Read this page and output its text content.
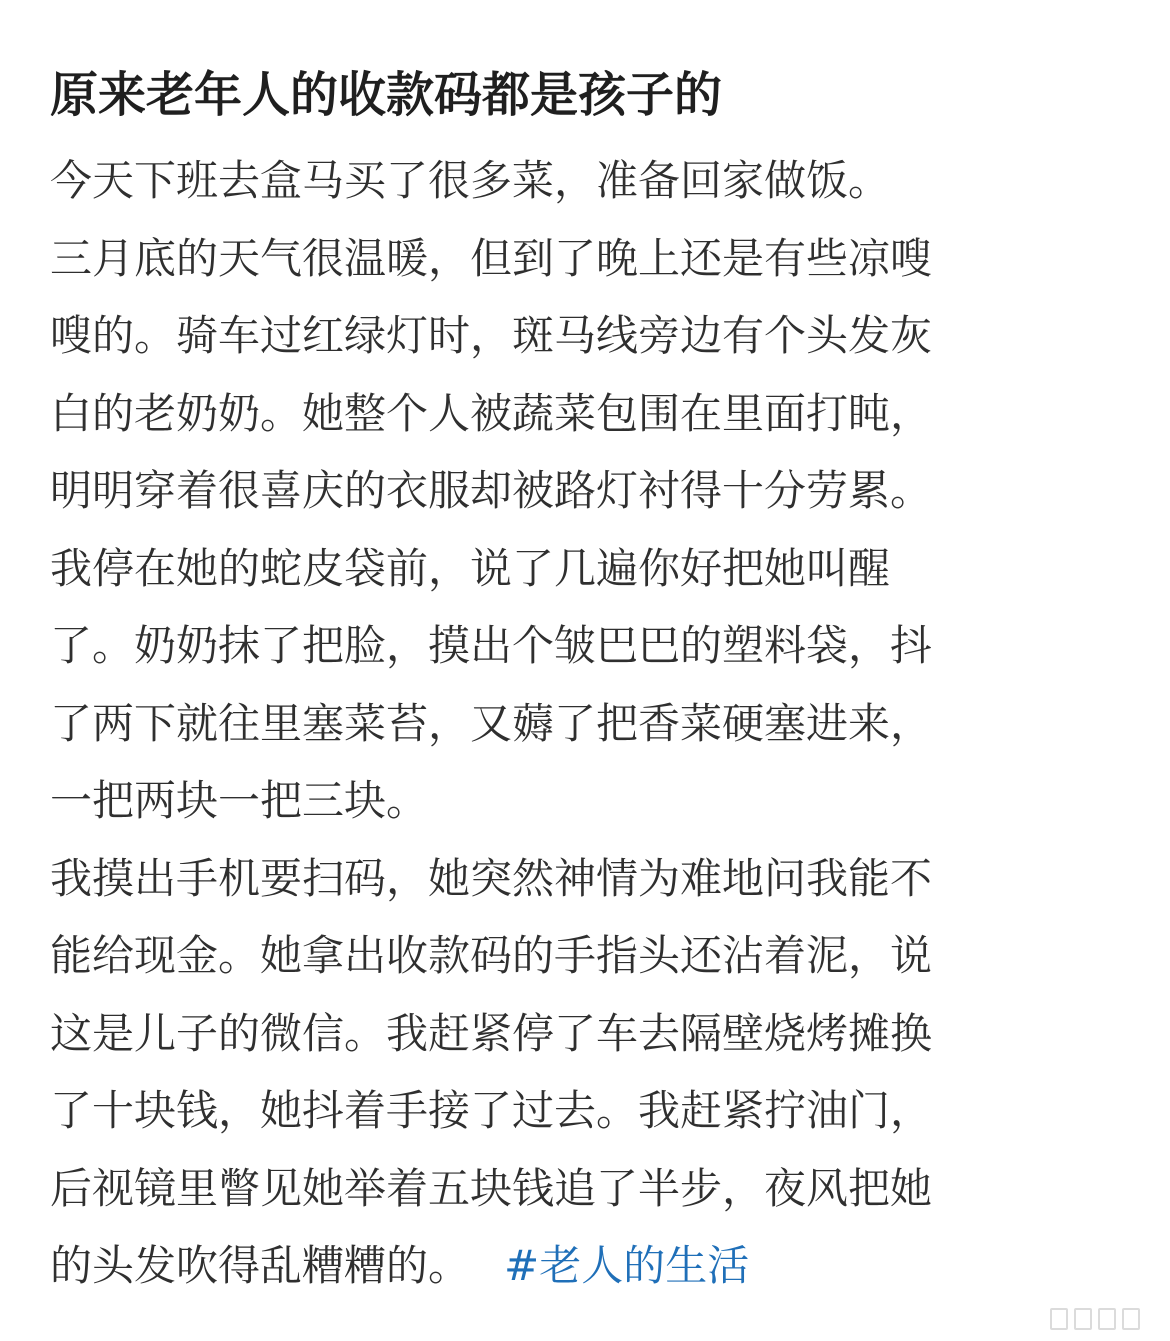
原来老年人的收款码都是孩子的
今天下班去盒马买了很多菜，准备回家做饭。
三月底的天气很温暖，但到了晚上还是有些凉嗖
嗖的。骑车过红绿灯时，斑马线旁边有个头发灰
白的老奶奶。她整个人被蔬菜包围在里面打盹，
明明穿着很喜庆的衣服却被路灯衬得十分劳累。
我停在她的蛇皮袋前，说了几遍你好把她叫醒
了。奶奶抹了把脸，摸出个皱巴巴的塑料袋，抖
了两下就往里塞菜苔，又薅了把香菜硬塞进来，
一把两块一把三块。
我摸出手机要扫码，她突然神情为难地问我能不
能给现金。她拿出收款码的手指头还沾着泥，说
这是儿子的微信。我赶紧停了车去隔壁烧烤摊换
了十块钱，她抖着手接了过去。我赶紧拧油门，
后视镜里瞥见她举着五块钱追了半步，夜风把她
的头发吹得乱糟糟的。 #老人的生活
